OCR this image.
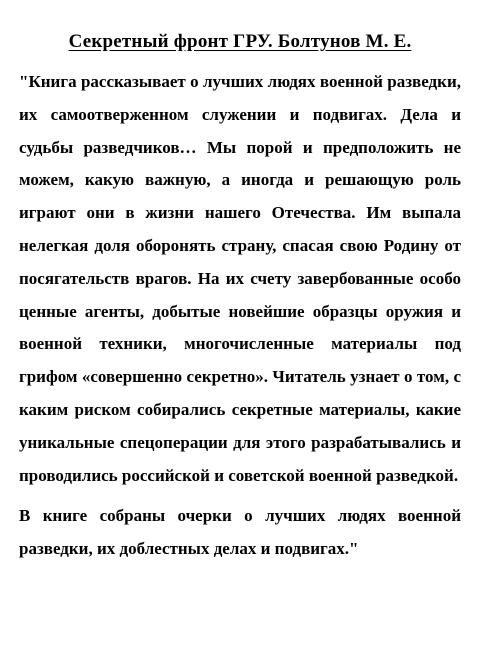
Секретный фронт ГРУ. Болтунов М. Е.

"Книга рассказывает о лучших людях военной разведки, их самоотверженном служении и подвигах. Дела и судьбы разведчиков… Мы порой и предположить не можем, какую важную, а иногда и решающую роль играют они в жизни нашего Отечества. Им выпала нелегкая доля оборонять страну, спасая свою Родину от посягательств врагов. На их счету завербованные особо ценные агенты, добытые новейшие образцы оружия и военной техники, многочисленные материалы под грифом «совершенно секретно». Читатель узнает о том, с каким риском собирались секретные материалы, какие уникальные спецоперации для этого разрабатывались и проводились российской и советской военной разведкой.

В книге собраны очерки о лучших людях военной разведки, их доблестных делах и подвигах."
